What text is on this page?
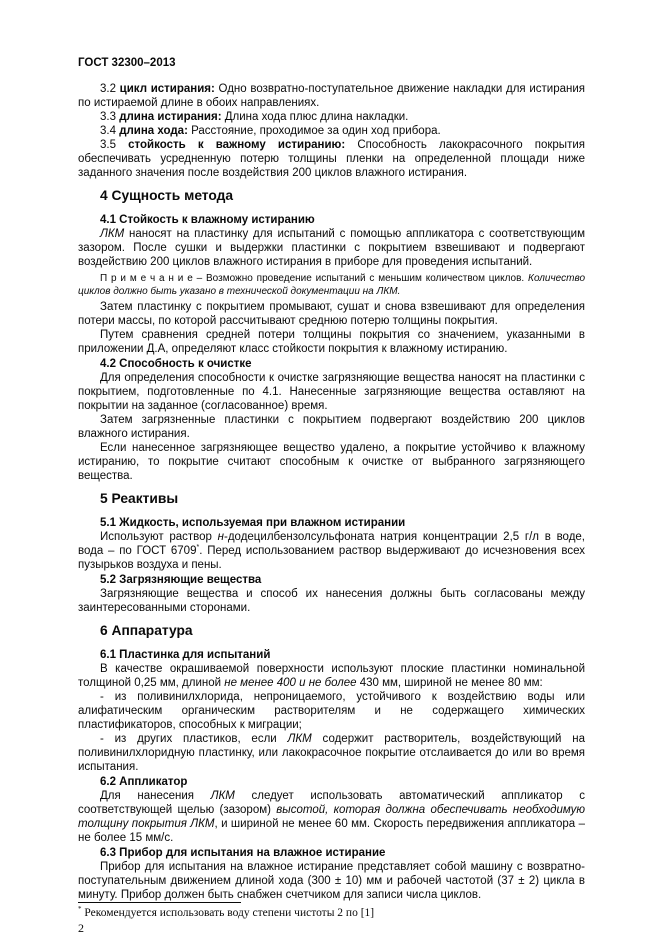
ГОСТ 32300–2013
3.2 цикл истирания: Одно возвратно-поступательное движение накладки для истирания по истираемой длине в обоих направлениях.
3.3 длина истирания: Длина хода плюс длина накладки.
3.4 длина хода: Расстояние, проходимое за один ход прибора.
3.5 стойкость к важному истиранию: Способность лакокрасочного покрытия обеспечивать усредненную потерю толщины пленки на определенной площади ниже заданного значения после воздействия 200 циклов влажного истирания.
4 Сущность метода
4.1 Стойкость к влажному истиранию
ЛКМ наносят на пластинку для испытаний с помощью аппликатора с соответствующим зазором. После сушки и выдержки пластинки с покрытием взвешивают и подвергают воздействию 200 циклов влажного истирания в приборе для проведения испытаний.
П р и м е ч а н и е – Возможно проведение испытаний с меньшим количеством циклов. Количество циклов должно быть указано в технической документации на ЛКМ.
Затем пластинку с покрытием промывают, сушат и снова взвешивают для определения потери массы, по которой рассчитывают среднюю потерю толщины покрытия.
Путем сравнения средней потери толщины покрытия со значением, указанными в приложении Д.А, определяют класс стойкости покрытия к влажному истиранию.
4.2 Способность к очистке
Для определения способности к очистке загрязняющие вещества наносят на пластинки с покрытием, подготовленные по 4.1. Нанесенные загрязняющие вещества оставляют на покрытии на заданное (согласованное) время.
Затем загрязненные пластинки с покрытием подвергают воздействию 200 циклов влажного истирания.
Если нанесенное загрязняющее вещество удалено, а покрытие устойчиво к влажному истиранию, то покрытие считают способным к очистке от выбранного загрязняющего вещества.
5 Реактивы
5.1 Жидкость, используемая при влажном истирании
Используют раствор н-додецилбензолсульфоната натрия концентрации 2,5 г/л в воде, вода – по ГОСТ 6709*. Перед использованием раствор выдерживают до исчезновения всех пузырьков воздуха и пены.
5.2 Загрязняющие вещества
Загрязняющие вещества и способ их нанесения должны быть согласованы между заинтересованными сторонами.
6 Аппаратура
6.1 Пластинка для испытаний
В качестве окрашиваемой поверхности используют плоские пластинки номинальной толщиной 0,25 мм, длиной не менее 400 и не более 430 мм, шириной не менее 80 мм:
- из поливинилхлорида, непроницаемого, устойчивого к воздействию воды или алифатическим органическим растворителям и не содержащего химических пластификаторов, способных к миграции;
- из других пластиков, если ЛКМ содержит растворитель, воздействующий на поливинилхлоридную пластинку, или лакокрасочное покрытие отслаивается до или во время испытания.
6.2 Аппликатор
Для нанесения ЛКМ следует использовать автоматический аппликатор с соответствующей щелью (зазором) высотой, которая должна обеспечивать необходимую толщину покрытия ЛКМ, и шириной не менее 60 мм. Скорость передвижения аппликатора – не более 15 мм/с.
6.3 Прибор для испытания на влажное истирание
Прибор для испытания на влажное истирание представляет собой машину с возвратно-поступательным движением длиной хода (300 ± 10) мм и рабочей частотой (37 ± 2) цикла в минуту. Прибор должен быть снабжен счетчиком для записи числа циклов.
* Рекомендуется использовать воду степени чистоты 2 по [1]
2
